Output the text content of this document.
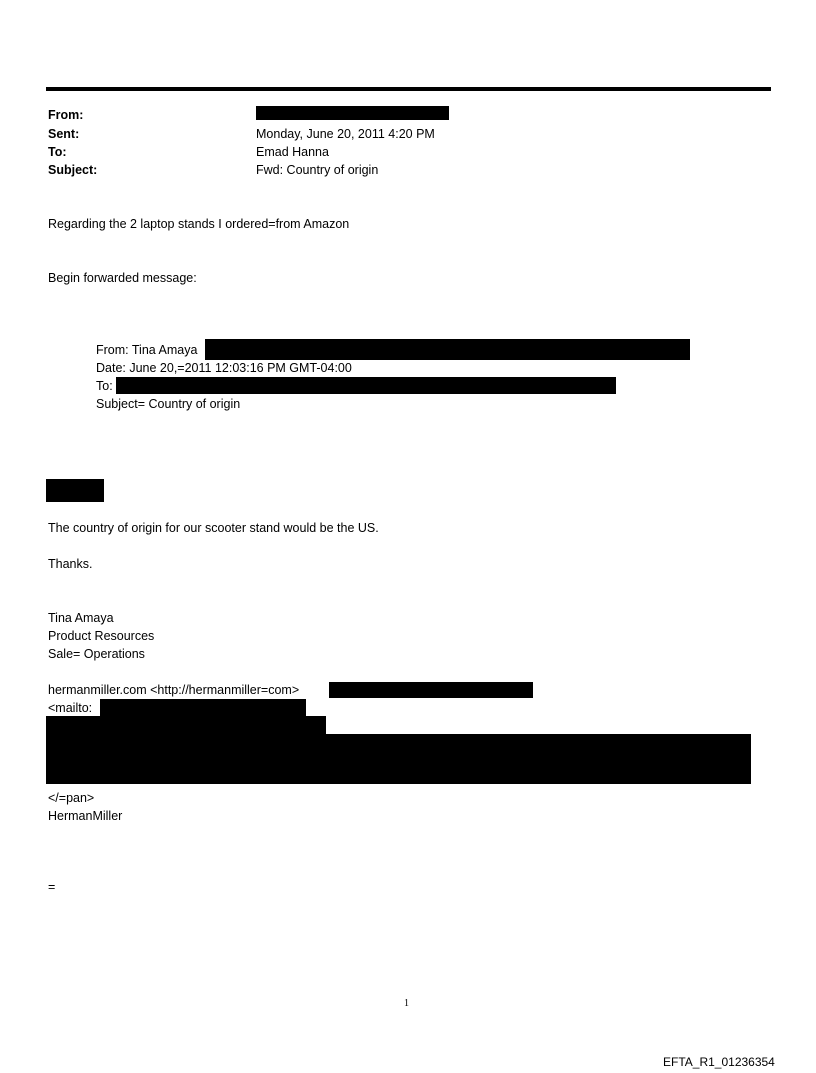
From:
Sent:	Monday, June 20, 2011 4:20 PM
To:	Emad Hanna
Subject:	Fwd: Country of origin
Regarding the 2 laptop stands I ordered=from Amazon
Begin forwarded message:
From: Tina Amaya
Date: June 20,=2011 12:03:16 PM GMT-04:00
To:
Subject= Country of origin
The country of origin for our scooter stand would be the US.
Thanks.
Tina Amaya
Product Resources
Sale= Operations
hermanmiller.com <http://hermanmiller=com>
<mailto:
</=pan>
HermanMiller
=
1
EFTA_R1_01236354
